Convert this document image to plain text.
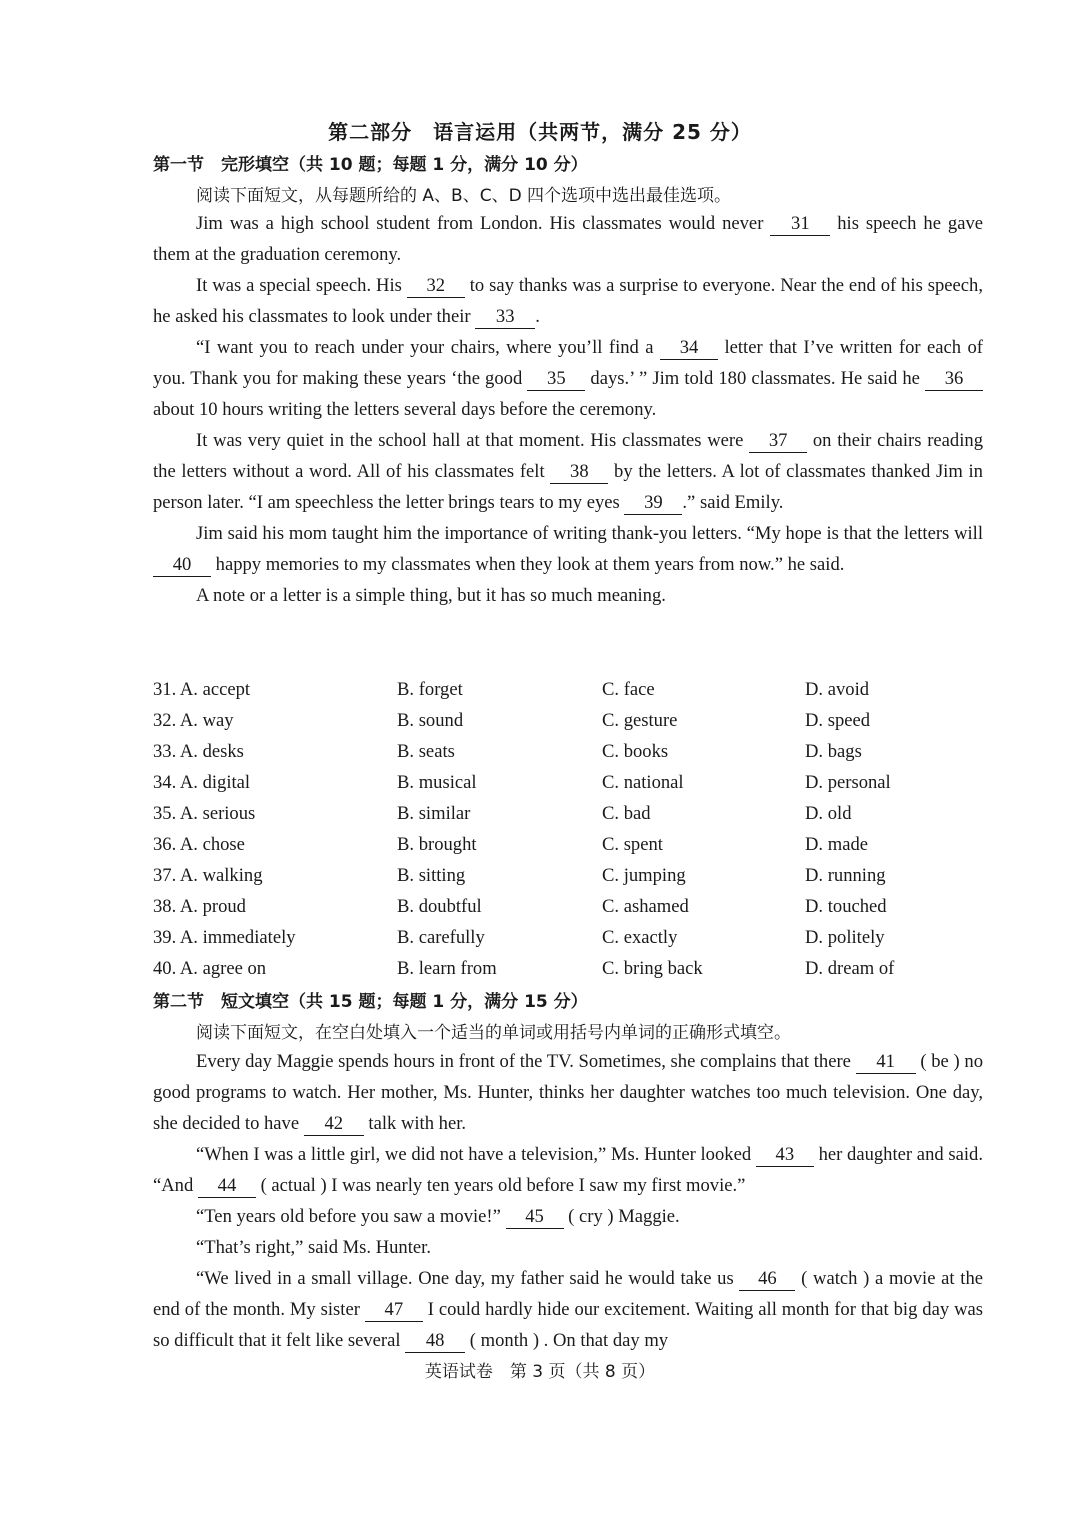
第二部分　语言运用（共两节，满分 25 分）
第一节　完形填空（共 10 题；每题 1 分，满分 10 分）
阅读下面短文，从每题所给的 A、B、C、D 四个选项中选出最佳选项。

Jim was a high school student from London. His classmates would never 31 his speech he gave them at the graduation ceremony.

It was a special speech. His 32 to say thanks was a surprise to everyone. Near the end of his speech, he asked his classmates to look under their 33 .

“I want you to reach under your chairs, where you’ll find a 34 letter that I’ve written for each of you. Thank you for making these years ‘the good 35 days.’ ” Jim told 180 classmates. He said he 36 about 10 hours writing the letters several days before the ceremony.

It was very quiet in the school hall at that moment. His classmates were 37 on their chairs reading the letters without a word. All of his classmates felt 38 by the letters. A lot of classmates thanked Jim in person later. “I am speechless the letter brings tears to my eyes 39 .” said Emily.

Jim said his mom taught him the importance of writing thank-you letters. “My hope is that the letters will 40 happy memories to my classmates when they look at them years from now.” he said.

A note or a letter is a simple thing, but it has so much meaning.

31. A. accept	B. forget	C. face	D. avoid
32. A. way	B. sound	C. gesture	D. speed
33. A. desks	B. seats	C. books	D. bags
34. A. digital	B. musical	C. national	D. personal
35. A. serious	B. similar	C. bad	D. old
36. A. chose	B. brought	C. spent	D. made
37. A. walking	B. sitting	C. jumping	D. running
38. A. proud	B. doubtful	C. ashamed	D. touched
39. A. immediately	B. carefully	C. exactly	D. politely
40. A. agree on	B. learn from	C. bring back	D. dream of
第二节　短文填空（共 15 题；每题 1 分，满分 15 分）
阅读下面短文，在空白处填入一个适当的单词或用括号内单词的正确形式填空。

Every day Maggie spends hours in front of the TV. Sometimes, she complains that there 41 ( be ) no good programs to watch. Her mother, Ms. Hunter, thinks her daughter watches too much television. One day, she decided to have 42 talk with her.

“When I was a little girl, we did not have a television,” Ms. Hunter looked 43 her daughter and said. “And 44 ( actual ) I was nearly ten years old before I saw my first movie.”

“Ten years old before you saw a movie!” 45 ( cry ) Maggie.

“That’s right,” said Ms. Hunter.

“We lived in a small village. One day, my father said he would take us 46 ( watch ) a movie at the end of the month. My sister 47 I could hardly hide our excitement. Waiting all month for that big day was so difficult that it felt like several 48 ( month ) . On that day my

英语试卷　第 3 页（共 8 页）
